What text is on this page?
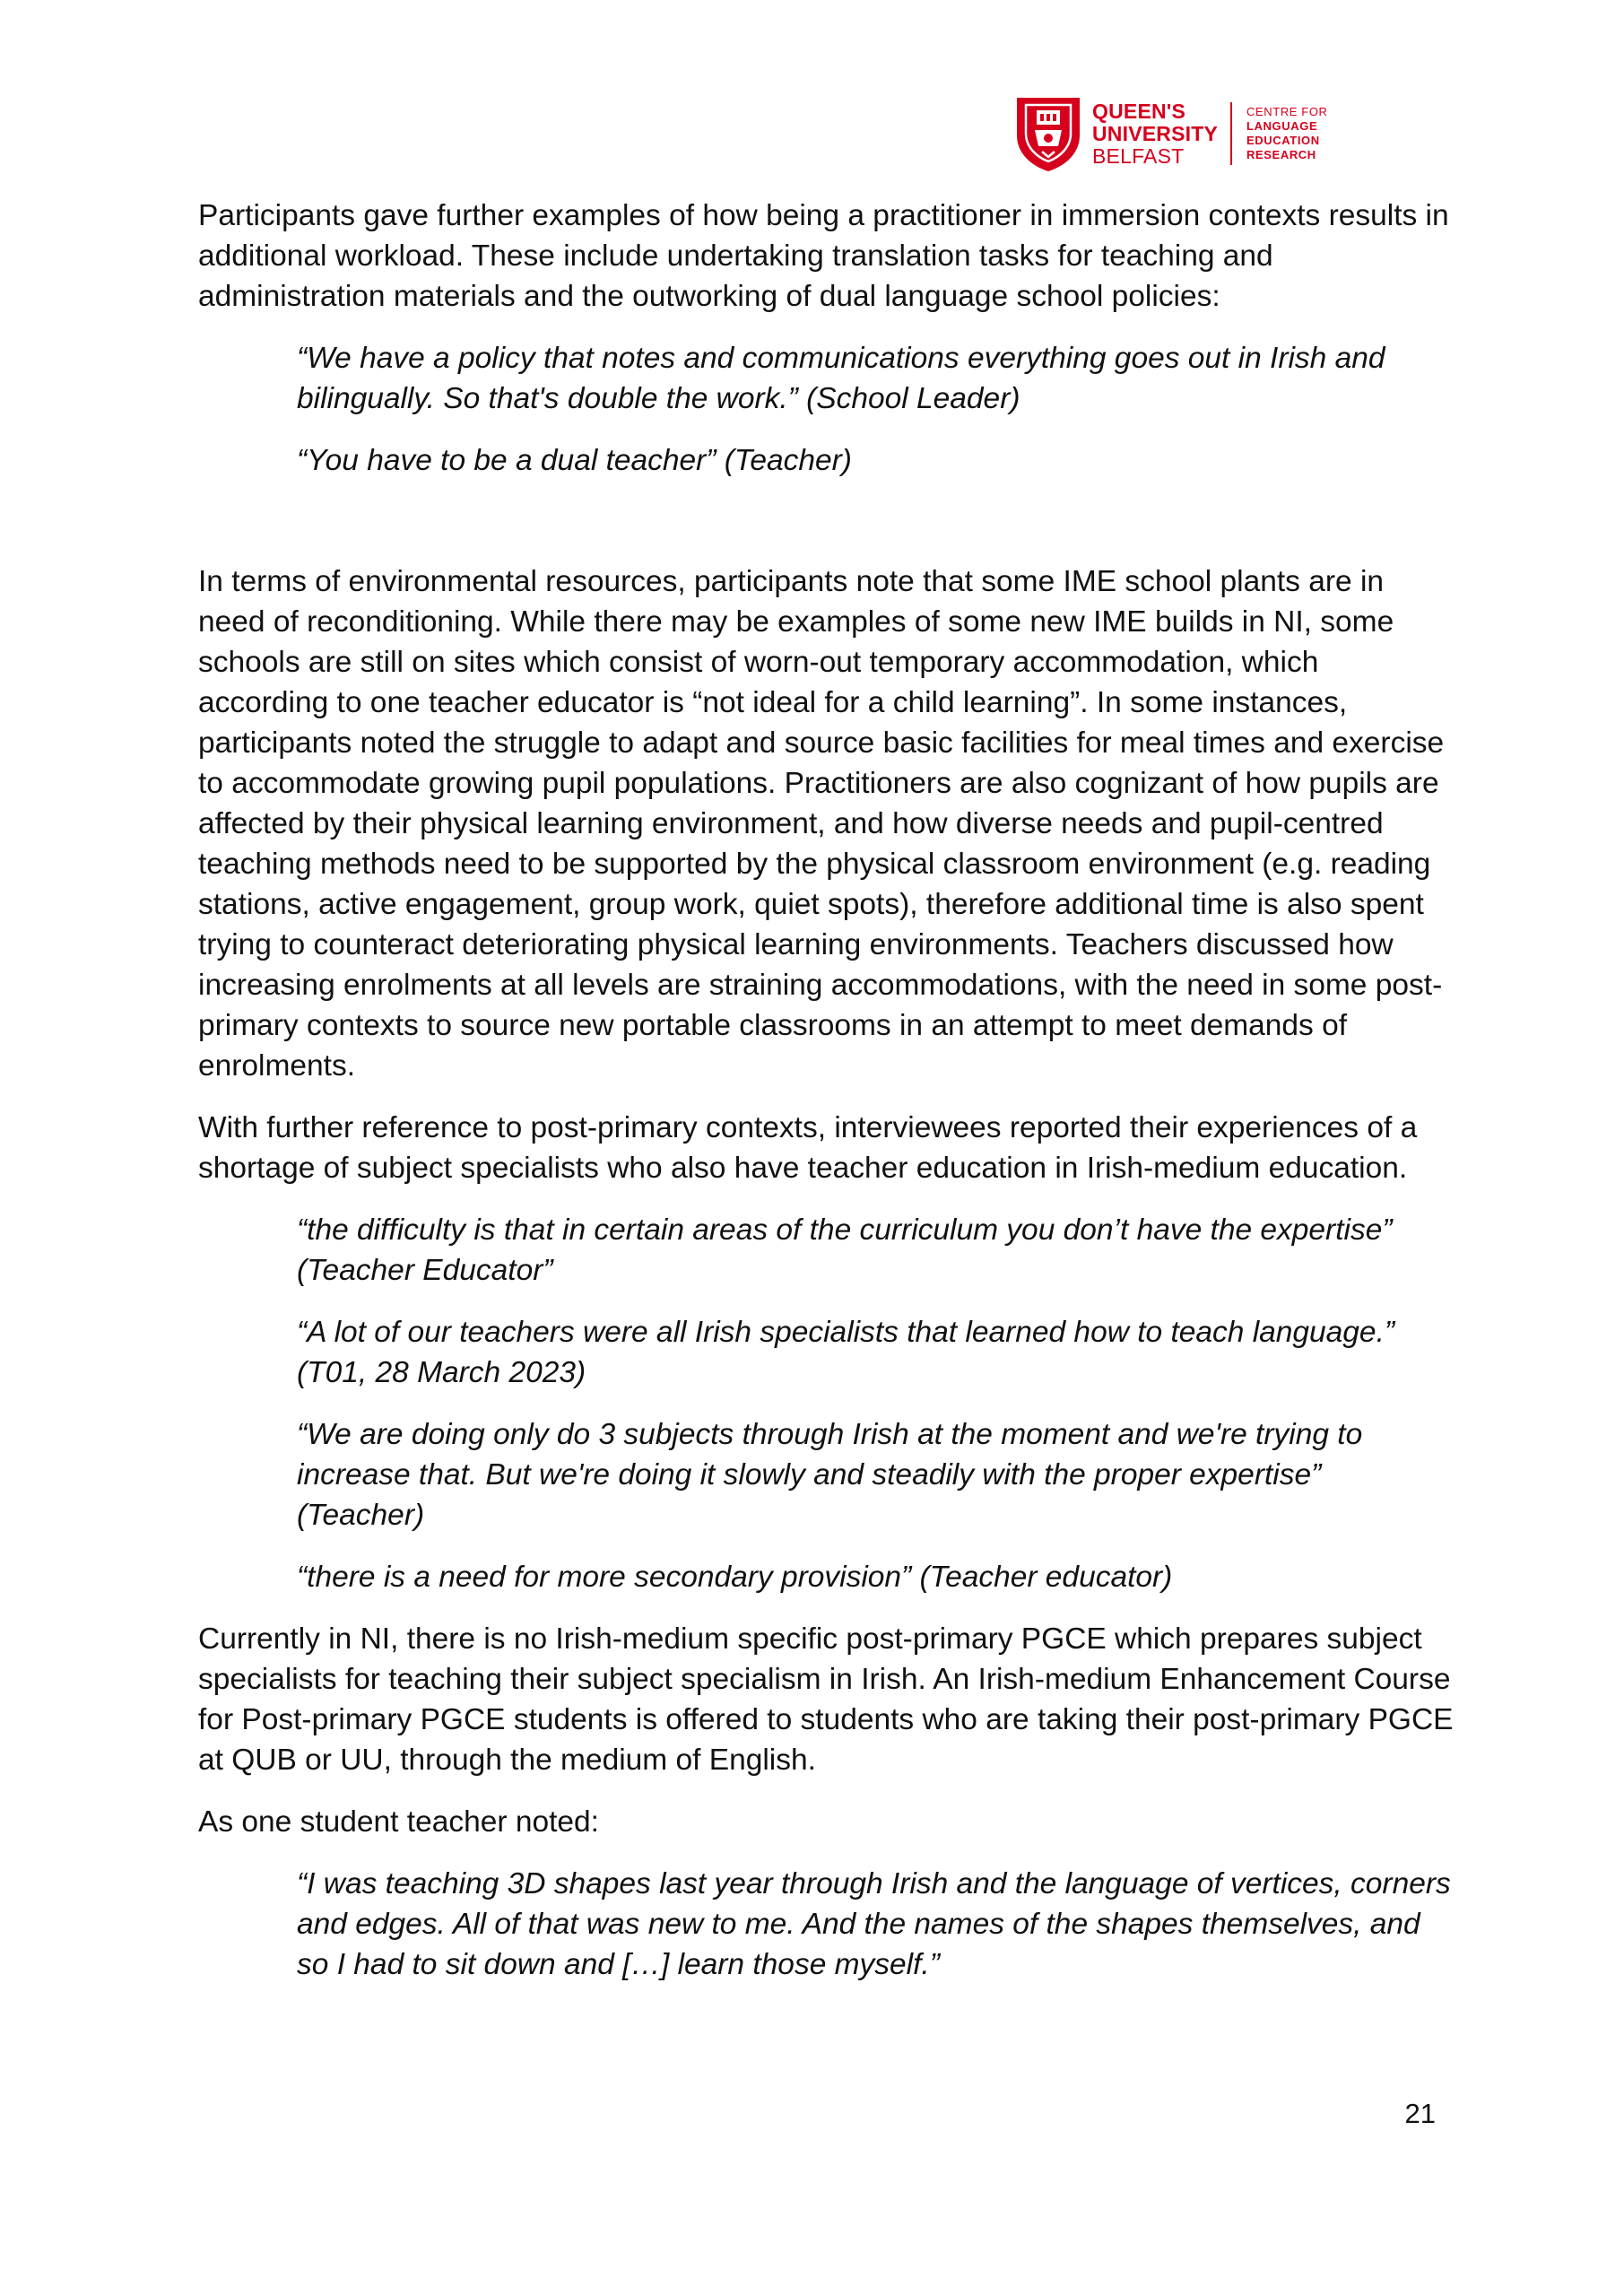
QUEEN'S
UNIVERSITY
BELFAST
CENTRE FOR
LANGUAGE
EDUCATION
RESEARCH

Participants gave further examples of how being a practitioner in immersion contexts results in additional workload. These include undertaking translation tasks for teaching and administration materials and the outworking of dual language school policies:

“We have a policy that notes and communications everything goes out in Irish and bilingually. So that's double the work.” (School Leader)

“You have to be a dual teacher” (Teacher)

In terms of environmental resources, participants note that some IME school plants are in need of reconditioning. While there may be examples of some new IME builds in NI, some schools are still on sites which consist of worn-out temporary accommodation, which according to one teacher educator is “not ideal for a child learning”. In some instances, participants noted the struggle to adapt and source basic facilities for meal times and exercise to accommodate growing pupil populations. Practitioners are also cognizant of how pupils are affected by their physical learning environment, and how diverse needs and pupil-centred teaching methods need to be supported by the physical classroom environment (e.g. reading stations, active engagement, group work, quiet spots), therefore additional time is also spent trying to counteract deteriorating physical learning environments. Teachers discussed how increasing enrolments at all levels are straining accommodations, with the need in some post-primary contexts to source new portable classrooms in an attempt to meet demands of enrolments.

With further reference to post-primary contexts, interviewees reported their experiences of a shortage of subject specialists who also have teacher education in Irish-medium education.

“the difficulty is that in certain areas of the curriculum you don’t have the expertise” (Teacher Educator”

“A lot of our teachers were all Irish specialists that learned how to teach language.” (T01, 28 March 2023)

“We are doing only do 3 subjects through Irish at the moment and we're trying to increase that. But we're doing it slowly and steadily with the proper expertise” (Teacher)

“there is a need for more secondary provision” (Teacher educator)

Currently in NI, there is no Irish-medium specific post-primary PGCE which prepares subject specialists for teaching their subject specialism in Irish. An Irish-medium Enhancement Course for Post-primary PGCE students is offered to students who are taking their post-primary PGCE at QUB or UU, through the medium of English.

As one student teacher noted:

“I was teaching 3D shapes last year through Irish and the language of vertices, corners and edges. All of that was new to me. And the names of the shapes themselves, and so I had to sit down and […] learn those myself.”

21
